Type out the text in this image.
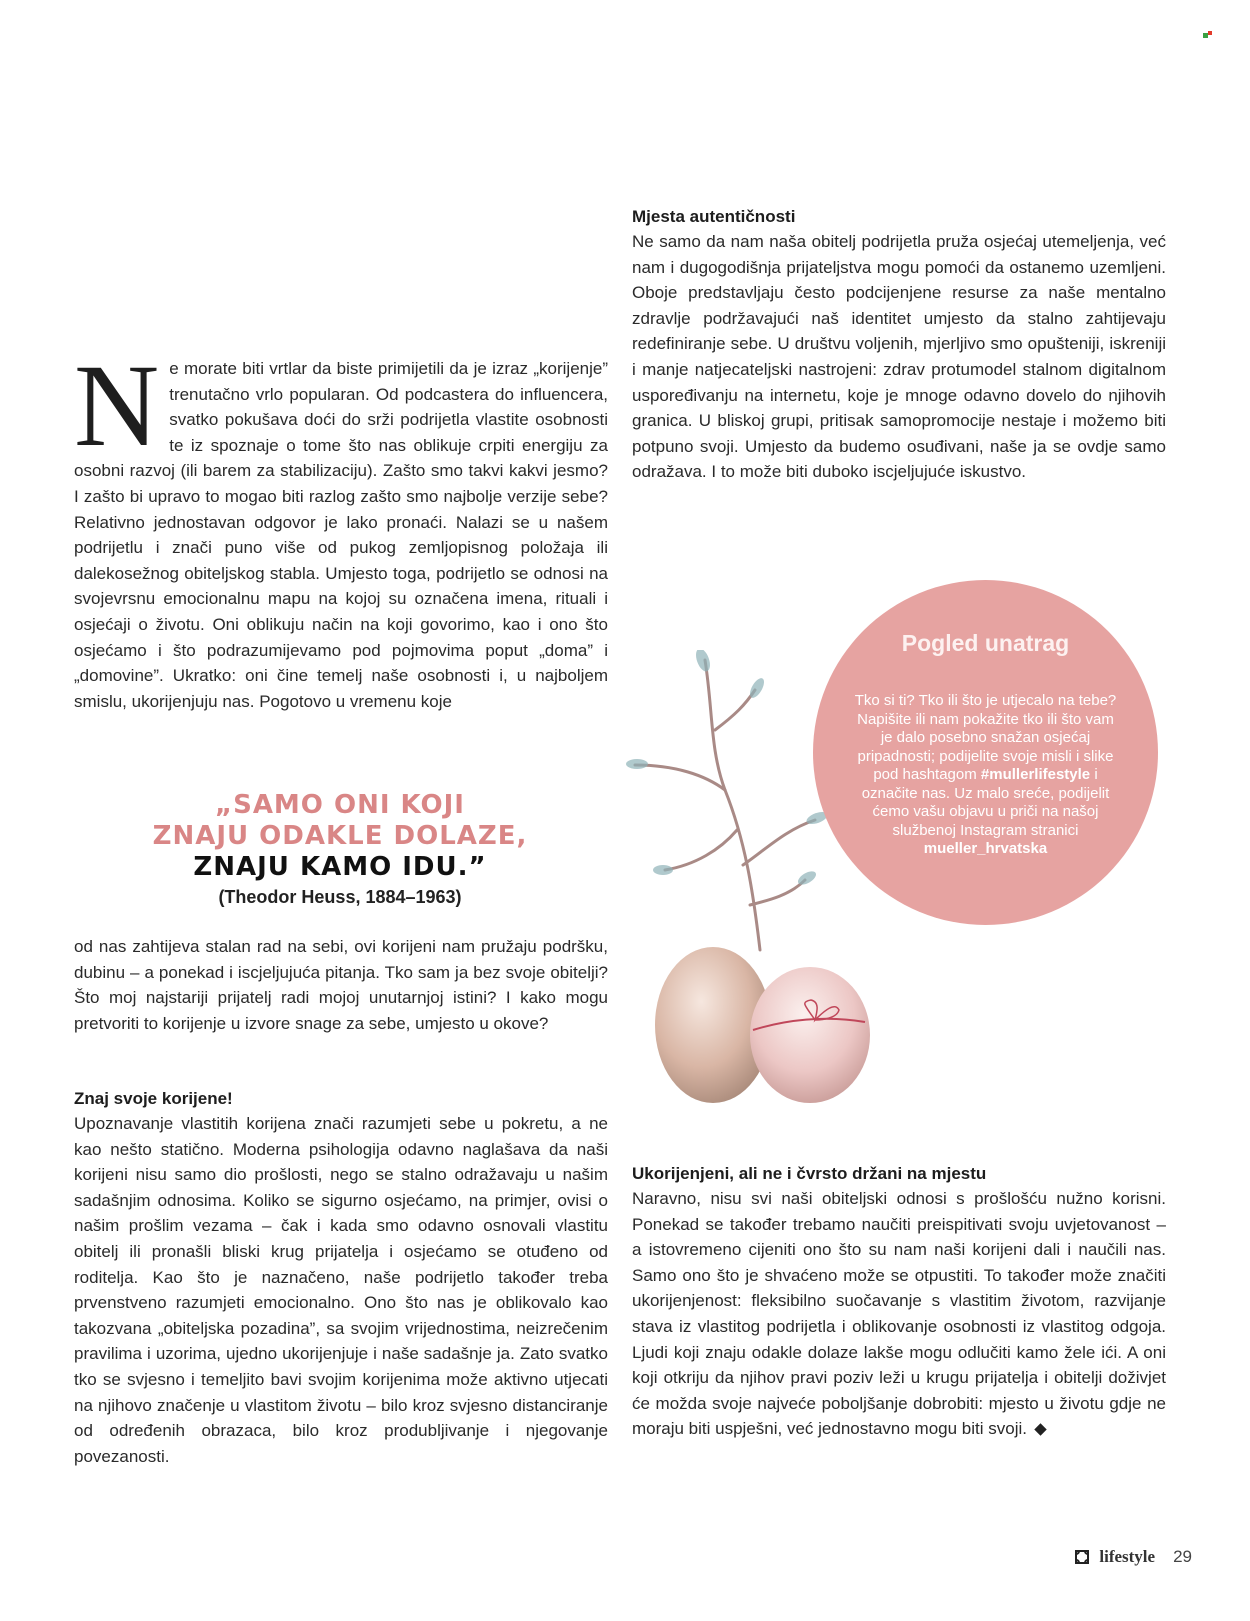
Mjesta autentičnosti

Ne samo da nam naša obitelj podrijetla pruža osjećaj utemeljenja, već nam i dugogodišnja prijateljstva mogu pomoći da ostanemo uzemljeni. Oboje predstavljaju često podcijenjene resurse za naše mentalno zdravlje podržavajući naš identitet umjesto da stalno zahtijevaju redefiniranje sebe. U društvu voljenih, mjerljivo smo opušteniji, iskreniji i manje natjecateljski nastrojeni: zdrav protumodel stalnom digitalnom uspoređivanju na internetu, koje je mnoge odavno dovelo do njihovih granica. U bliskoj grupi, pritisak samopromocije nestaje i možemo biti potpuno svoji. Umjesto da budemo osuđivani, naše ja se ovdje samo odražava. I to može biti duboko iscjeljujuće iskustvo.

Ne morate biti vrtlar da biste primijetili da je izraz „korijenje” trenutačno vrlo popularan. Od podcastera do influencera, svatko pokušava doći do srži podrijetla vlastite osobnosti te iz spoznaje o tome što nas oblikuje crpiti energiju za osobni razvoj (ili barem za stabilizaciju). Zašto smo takvi kakvi jesmo? I zašto bi upravo to mogao biti razlog zašto smo najbolje verzije sebe? Relativno jednostavan odgovor je lako pronaći. Nalazi se u našem podrijetlu i znači puno više od pukog zemljopisnog položaja ili dalekosežnog obiteljskog stabla. Umjesto toga, podrijetlo se odnosi na svojevrsnu emocionalnu mapu na kojoj su označena imena, rituali i osjećaji o životu. Oni oblikuju način na koji govorimo, kao i ono što osjećamo i što podrazumijevamo pod pojmovima poput „doma” i „domovine”. Ukratko: oni čine temelj naše osobnosti i, u najboljem smislu, ukorijenjuju nas. Pogotovo u vremenu koje

„SAMO ONI KOJI
ZNAJU ODAKLE DOLAZE,
ZNAJU KAMO IDU.”
(Theodor Heuss, 1884–1963)

od nas zahtijeva stalan rad na sebi, ovi korijeni nam pružaju podršku, dubinu – a ponekad i iscjeljujuća pitanja. Tko sam ja bez svoje obitelji? Što moj najstariji prijatelj radi mojoj unutarnjoj istini? I kako mogu pretvoriti to korijenje u izvore snage za sebe, umjesto u okove?

Znaj svoje korijene!

Upoznavanje vlastitih korijena znači razumjeti sebe u pokretu, a ne kao nešto statično. Moderna psihologija odavno naglašava da naši korijeni nisu samo dio prošlosti, nego se stalno odražavaju u našim sadašnjim odnosima. Koliko se sigurno osjećamo, na primjer, ovisi o našim prošlim vezama – čak i kada smo odavno osnovali vlastitu obitelj ili pronašli bliski krug prijatelja i osjećamo se otuđeno od roditelja. Kao što je naznačeno, naše podrijetlo također treba prvenstveno razumjeti emocionalno. Ono što nas je oblikovalo kao takozvana „obiteljska pozadina”, sa svojim vrijednostima, neizrečenim pravilima i uzorima, ujedno ukorijenjuje i naše sadašnje ja. Zato svatko tko se svjesno i temeljito bavi svojim korijenima može aktivno utjecati na njihovo značenje u vlastitom životu – bilo kroz svjesno distanciranje od određenih obrazaca, bilo kroz produbljivanje i njegovanje povezanosti.

Ukorijenjeni, ali ne i čvrsto držani na mjestu

Naravno, nisu svi naši obiteljski odnosi s prošlošću nužno korisni. Ponekad se također trebamo naučiti preispitivati svoju uvjetovanost – a istovremeno cijeniti ono što su nam naši korijeni dali i naučili nas. Samo ono što je shvaćeno može se otpustiti. To također može značiti ukorijenjenost: fleksibilno suočavanje s vlastitim životom, razvijanje stava iz vlastitog podrijetla i oblikovanje osobnosti iz vlastitog odgoja. Ljudi koji znaju odakle dolaze lakše mogu odlučiti kamo žele ići. A oni koji otkriju da njihov pravi poziv leži u krugu prijatelja i obitelji doživjet će možda svoje najveće poboljšanje dobrobiti: mjesto u životu gdje ne moraju biti uspješni, već jednostavno mogu biti svoji.

Pogled unatrag
Tko si ti? Tko ili što je utjecalo na tebe? Napišite ili nam pokažite tko ili što vam je dalo posebno snažan osjećaj pripadnosti; podijelite svoje misli i slike pod hashtagom #mullerlifestyle i označite nas. Uz malo sreće, podijelit ćemo vašu objavu u priči na našoj službenoj Instagram stranici
mueller_hrvatska
lifestyle 29
